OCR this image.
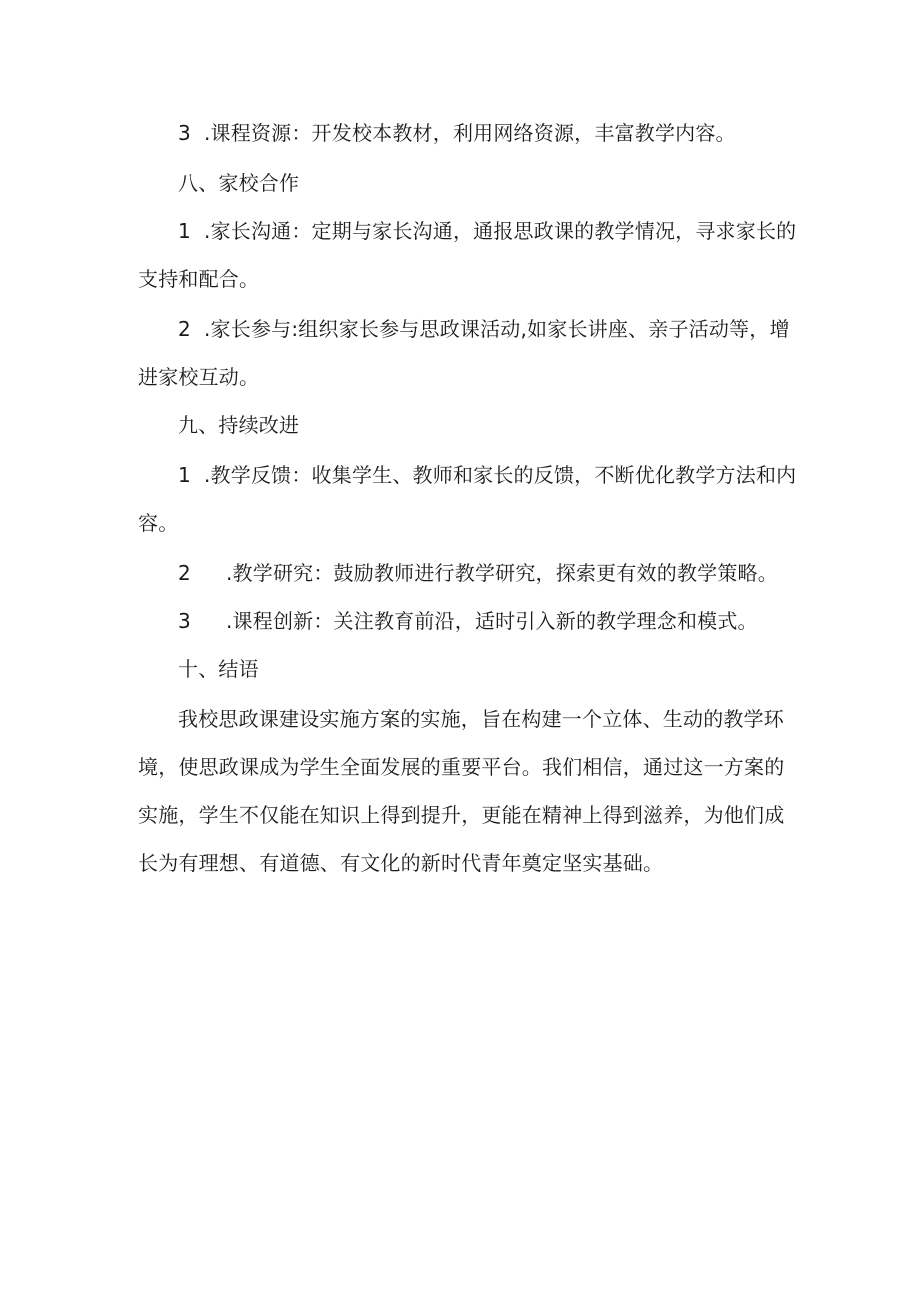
3 .课程资源：开发校本教材，利用网络资源，丰富教学内容。
八、家校合作
1 .家长沟通：定期与家长沟通，通报思政课的教学情况，寻求家长的
支持和配合。
2 .家长参与:组织家长参与思政课活动,如家长讲座、亲子活动等，增
进家校互动。
九、持续改进
1 .教学反馈：收集学生、教师和家长的反馈，不断优化教学方法和内
容。
2 .教学研究：鼓励教师进行教学研究，探索更有效的教学策略。
3 .课程创新：关注教育前沿，适时引入新的教学理念和模式。
十、结语
我校思政课建设实施方案的实施，旨在构建一个立体、生动的教学环
境，使思政课成为学生全面发展的重要平台。我们相信，通过这一方案的
实施，学生不仅能在知识上得到提升，更能在精神上得到滋养，为他们成
长为有理想、有道德、有文化的新时代青年奠定坚实基础。
